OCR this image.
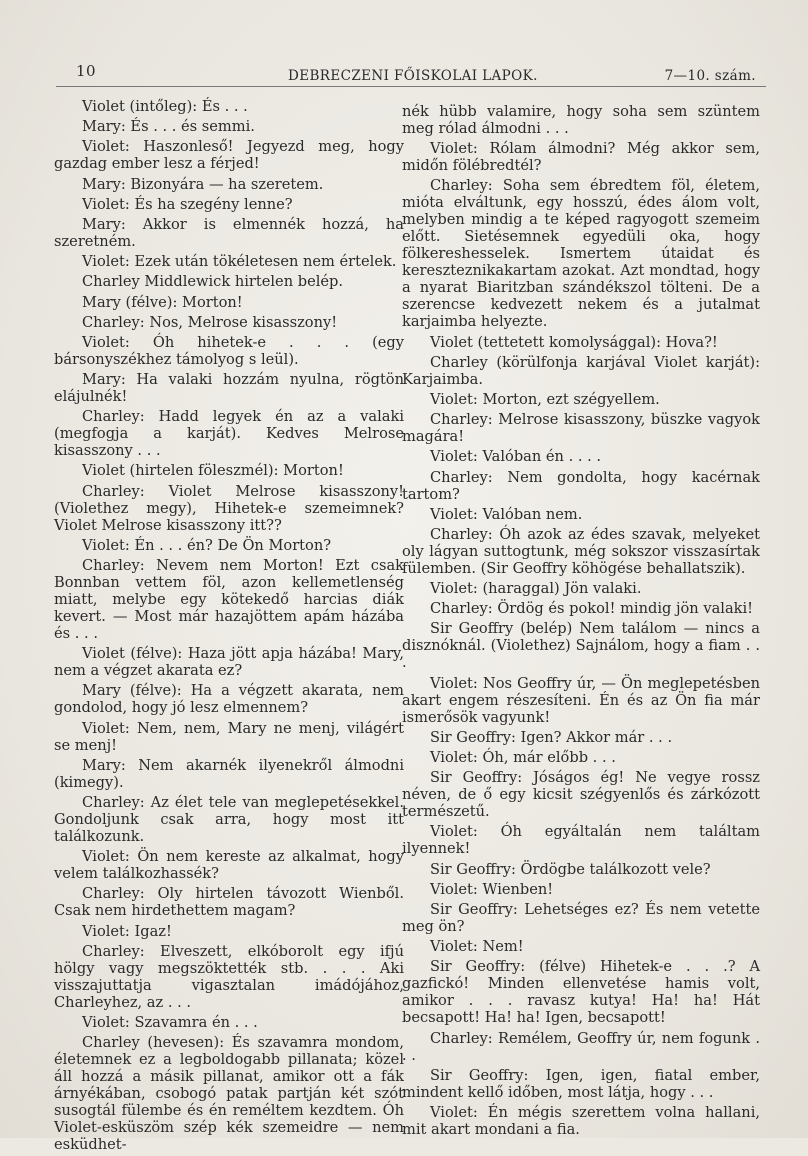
10	DEBRECZENI FŐISKOLAI LAPOK.	7—10. szám.

Violet (intőleg): És . . .

Mary: És . . . és semmi.

Violet: Haszonleső! Jegyezd meg, hogy gazdag ember lesz a férjed!

Mary: Bizonyára — ha szeretem.

Violet: És ha szegény lenne?

Mary: Akkor is elmennék hozzá, ha szeretném.

Violet: Ezek után tökéletesen nem értelek.

Charley Middlewick hirtelen belép.

Mary (félve): Morton!

Charley: Nos, Melrose kisasszony!

Violet: Óh hihetek-e . . . (egy bársonyszékhez támolyog s leül).

Mary: Ha valaki hozzám nyulna, rögtön elájulnék!

Charley: Hadd legyek én az a valaki (megfogja a karját). Kedves Melrose kisasszony . . .

Violet (hirtelen föleszmél): Morton!

Charley: Violet Melrose kisasszony! (Violethez megy), Hihetek-e szemeimnek? Violet Melrose kisasszony itt??

Violet: Én . . . én? De Ön Morton?

Charley: Nevem nem Morton! Ezt csak Bonnban vettem föl, azon kellemetlenség miatt, melybe egy kötekedő harcias diák kevert. — Most már hazajöttem apám házába és . . .

Violet (félve): Haza jött apja házába! Mary, nem a végzet akarata ez?

Mary (félve): Ha a végzett akarata, nem gondolod, hogy jó lesz elmennem?

Violet: Nem, nem, Mary ne menj, világért se menj!

Mary: Nem akarnék ilyenekről álmodni (kimegy).

Charley: Az élet tele van meglepetésekkel. Gondoljunk csak arra, hogy most itt találkozunk.

Violet: Ön nem kereste az alkalmat, hogy velem találkozhassék?

Charley: Oly hirtelen távozott Wienből. Csak nem hirdethettem magam?

Violet: Igaz!

Charley: Elveszett, elkóborolt egy ifjú hölgy vagy megszöktették stb. . . . Aki visszajuttatja vigasztalan imádójához, Charleyhez, az . . .

Violet: Szavamra én . . .

Charley (hevesen): És szavamra mondom, életemnek ez a legboldogabb pillanata; közel áll hozzá a másik pillanat, amikor ott a fák árnyékában, csobogó patak partján két szót susogtál fülembe és én reméltem kezdtem. Óh Violet-esküszöm szép kék szemeidre — nem esküdhet-

nék hübb valamire, hogy soha sem szüntem meg rólad álmodni . . .

Violet: Rólam álmodni? Még akkor sem, midőn fölébredtél?

Charley: Soha sem ébredtem föl, életem, mióta elváltunk, egy hosszú, édes álom volt, melyben mindig a te képed ragyogott szemeim előtt. Sietésemnek egyedüli oka, hogy fölkereshesselek. Ismertem útaidat és kereszteznikakartam azokat. Azt mondtad, hogy a nyarat Biaritzban szándékszol tölteni. De a szerencse kedvezett nekem és a jutalmat karjaimba helyezte.

Violet (tettetett komolysággal): Hova?!

Charley (körülfonja karjával Violet karját): Karjaimba.

Violet: Morton, ezt szégyellem.

Charley: Melrose kisasszony, büszke vagyok magára!

Violet: Valóban én . . . .

Charley: Nem gondolta, hogy kacérnak tartom?

Violet: Valóban nem.

Charley: Óh azok az édes szavak, melyeket oly lágyan suttogtunk, még sokszor visszasírtak fülemben. (Sir Geoffry köhögése behallatszik).

Violet: (haraggal) Jön valaki.

Charley: Ördög és pokol! mindig jön valaki!

Sir Geoffry (belép) Nem találom — nincs a disznóknál. (Violethez) Sajnálom, hogy a fiam . . .

Violet: Nos Geoffry úr, — Ön meglepetésben akart engem részesíteni. Én és az Ön fia már ismerősök vagyunk!

Sir Geoffry: Igen? Akkor már . . .

Violet: Óh, már előbb . . .

Sir Geoffry: Jóságos ég! Ne vegye rossz néven, de ő egy kicsit szégyenlős és zárkózott természetű.

Violet: Óh egyáltalán nem találtam ilyennek!

Sir Geoffry: Ördögbe találkozott vele?

Violet: Wienben!

Sir Geoffry: Lehetséges ez? És nem vetette meg ön?

Violet: Nem!

Sir Geoffry: (félve) Hihetek-e . . .? A gazfickó! Minden ellenvetése hamis volt, amikor . . . ravasz kutya! Ha! ha! Hát becsapott! Ha! ha! Igen, becsapott!

Charley: Remélem, Geoffry úr, nem fogunk . . .

Sir Geoffry: Igen, igen, fiatal ember, mindent kellő időben, most látja, hogy . . .

Violet: Én mégis szerettem volna hallani, mit akart mondani a fia.
